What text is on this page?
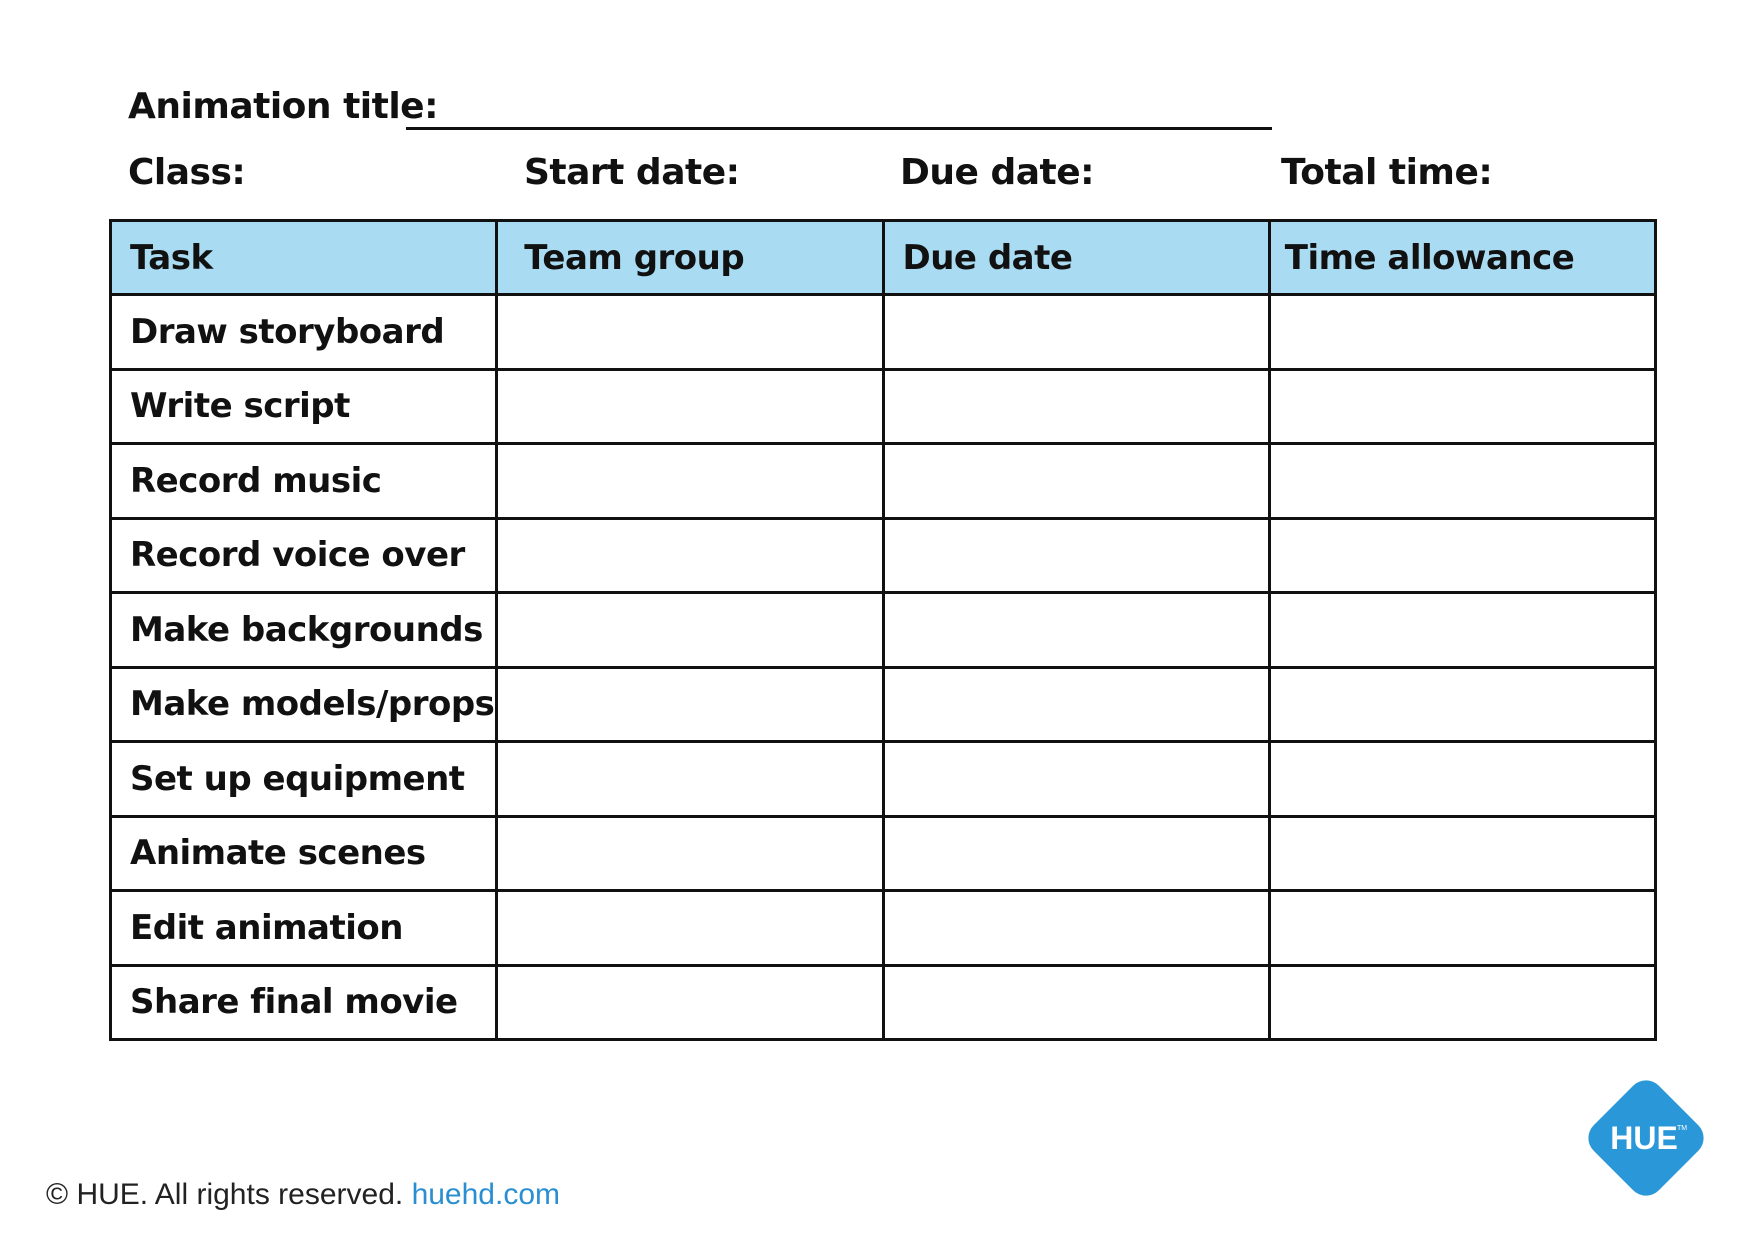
Animation title:
Class:	Start date:	Due date:	Total time:
Task	Team group	Due date	Time allowance
Draw storyboard			
Write script			
Record music			
Record voice over			
Make backgrounds			
Make models/props			
Set up equipment			
Animate scenes			
Edit animation			
Share final movie			
© HUE. All rights reserved. huehd.com
HUE TM
